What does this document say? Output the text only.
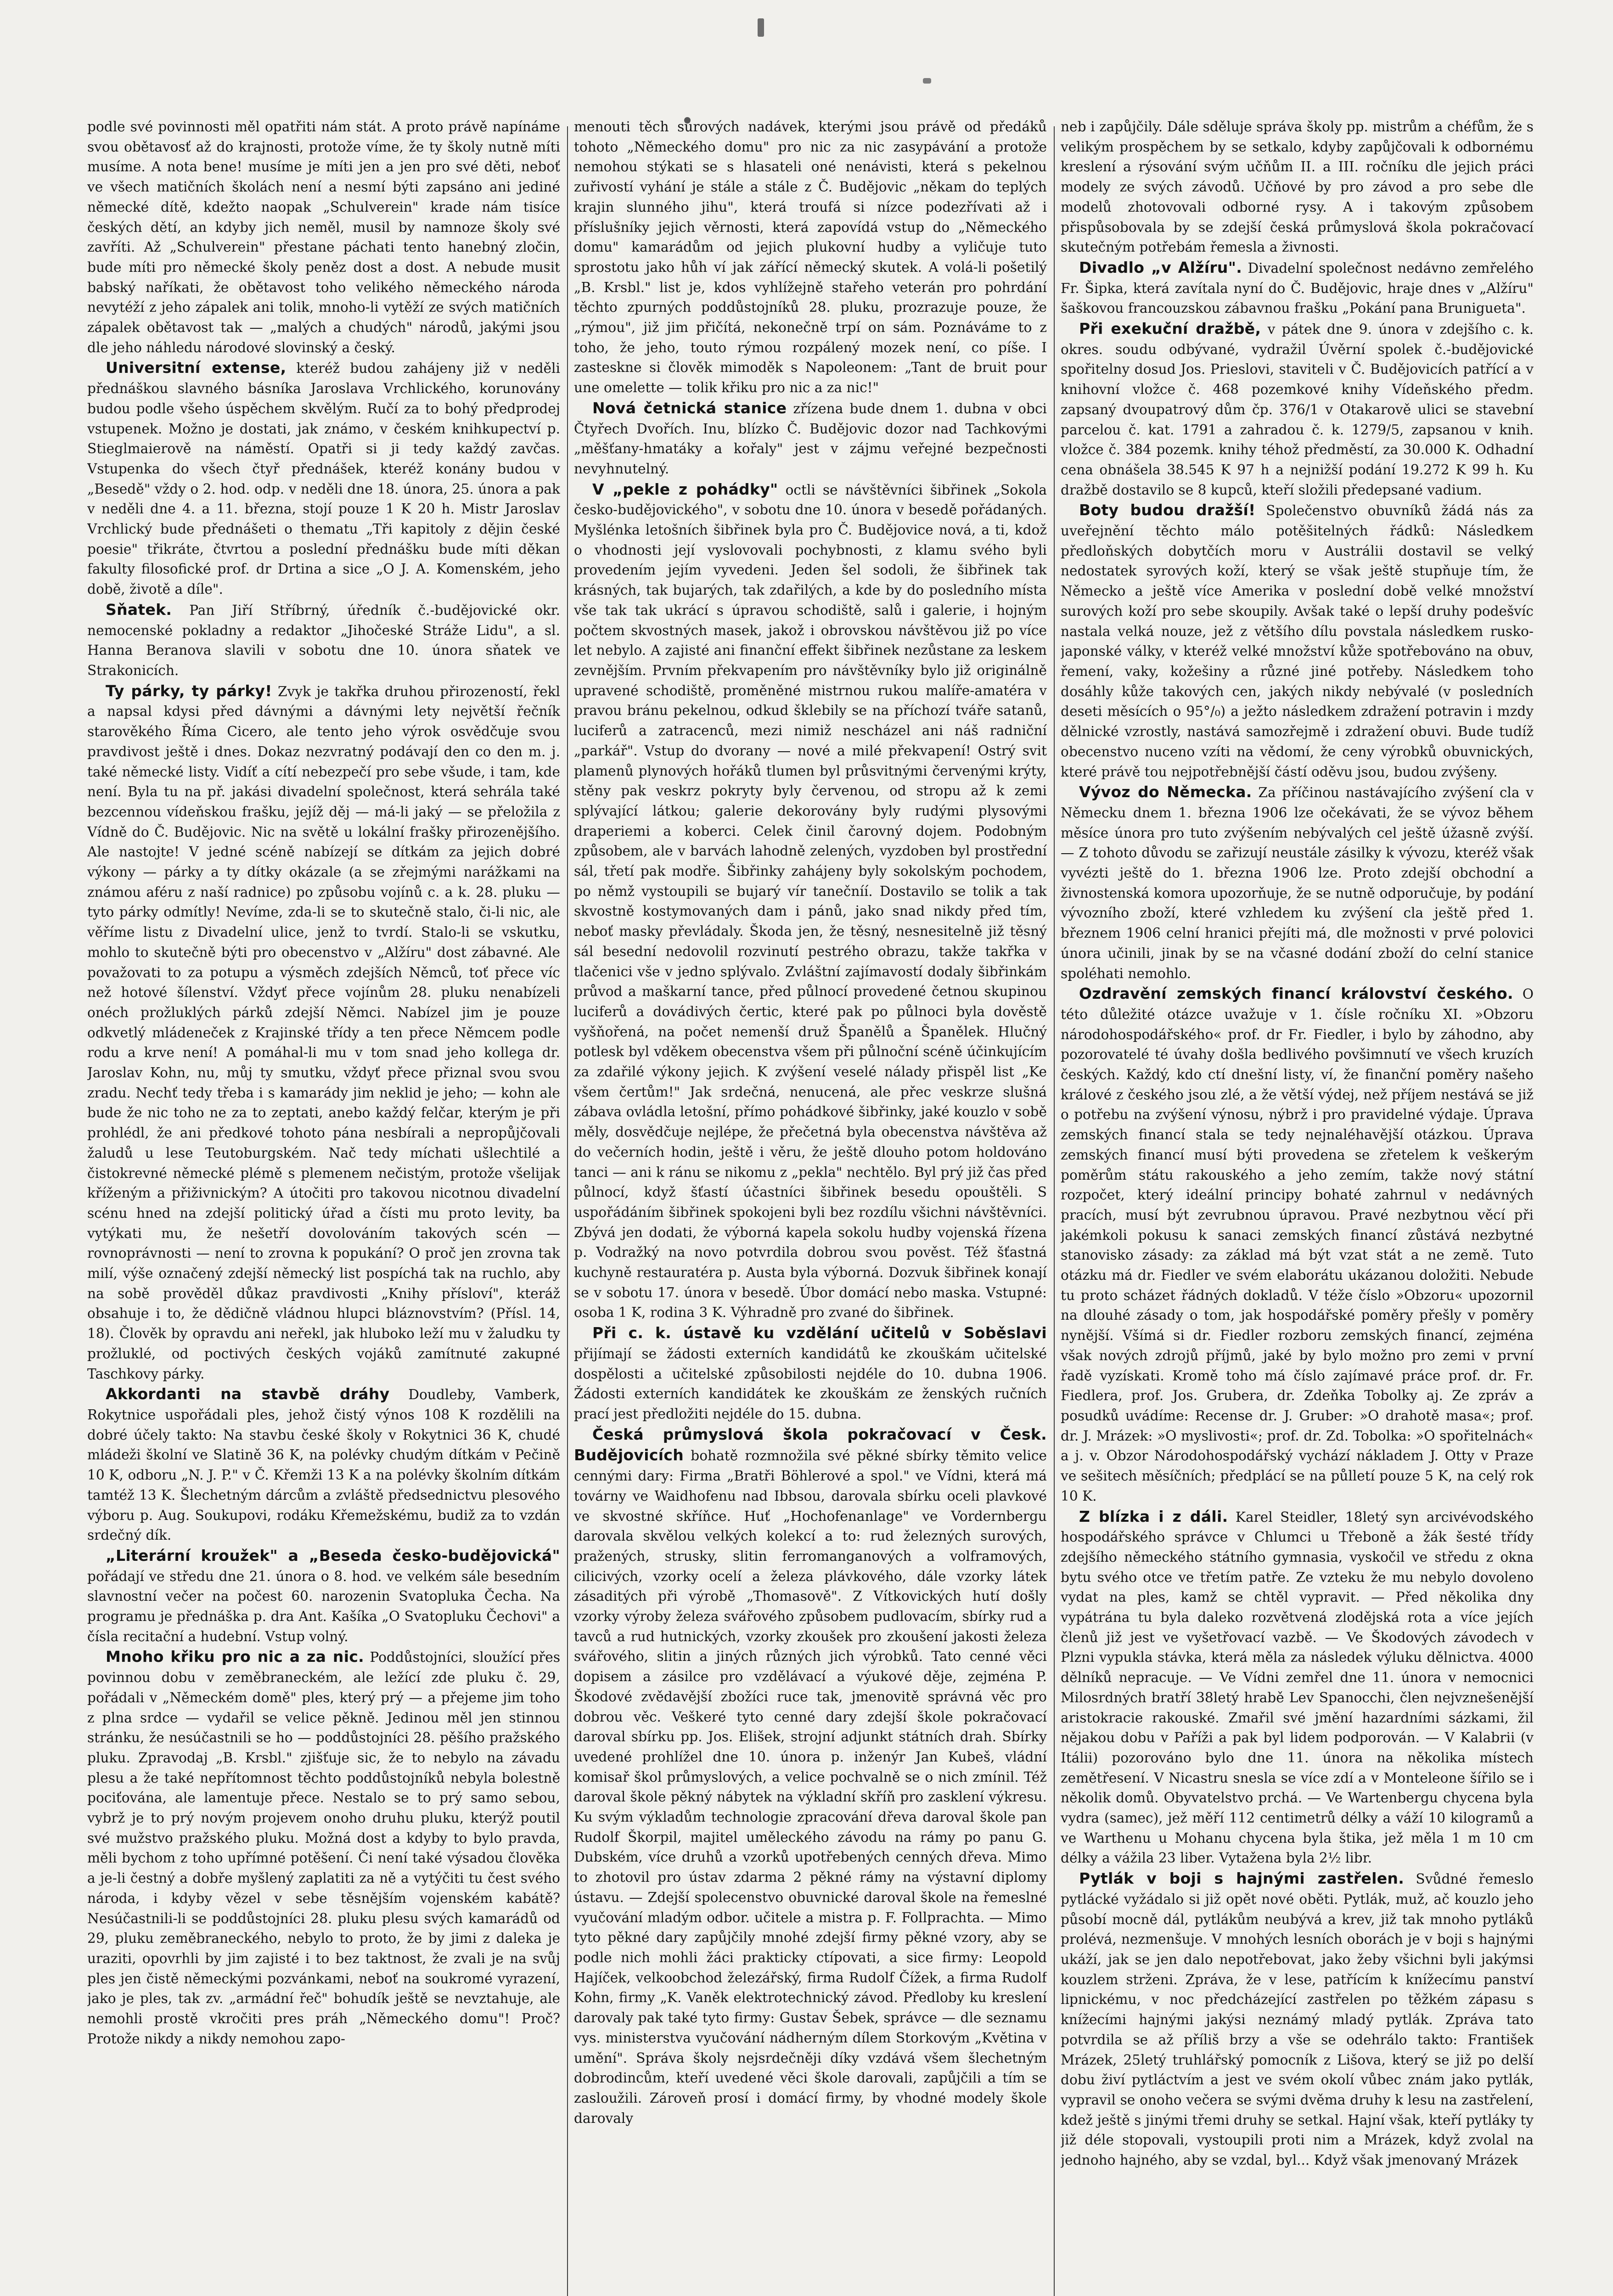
podle své povinnosti měl opatřiti nám stát. A proto právě napínáme svou obětavosť až do krajnosti, protože víme, že ty školy nutně míti musíme. A nota bene! musíme je míti jen a jen pro své děti, neboť ve všech matičních školách není a nesmí býti zapsáno ani jediné německé dítě, kdežto naopak „Schulverein" krade nám tisíce českých dětí, an kdyby jich neměl, musil by namnoze školy své zavříti. Až „Schulverein" přestane páchati tento hanebný zločin, bude míti pro německé školy peněz dost a dost. A nebude musit babský naříkati, že obětavost toho velikého německého národa nevytéží z jeho zápalek ani tolik, mnoho-li vytěží ze svých matičních zápalek obětavost tak — „malých a chudých" národů, jakými jsou dle jeho náhledu národové slovinský a český.

Universitní extense, kteréž budou zahájeny již v neděli přednáškou slavného básníka Jaroslava Vrchlického, korunovány budou podle všeho úspěchem skvělým. Ručí za to bohý předprodej vstupenek. Možno je dostati, jak známo, v českém knihkupectví p. Stieglmaierově na náměstí. Opatři si ji tedy každý zavčas. Vstupenka do všech čtyř přednášek, kteréž konány budou v „Besedě" vždy o 2. hod. odp. v neděli dne 18. února, 25. února a pak v neděli dne 4. a 11. března, stojí pouze 1 K 20 h. Mistr Jaroslav Vrchlický bude přednášeti o thematu „Tři kapitoly z dějin české poesie" třikráte, čtvrtou a poslední přednášku bude míti děkan fakulty filosofické prof. dr Drtina a sice „O J. A. Komenském, jeho době, životě a díle".

Sňatek. Pan Jiří Stříbrný, úředník č.-budějovické okr. nemocenské pokladny a redaktor „Jihočeské Stráže Lidu", a sl. Hanna Beranova slavili v sobotu dne 10. února sňatek ve Strakonicích.

Ty párky, ty párky! Zvyk je takřka druhou přirozeností, řekl a napsal kdysi před dávnými a dávnými lety největší řečník starověkého Říma Cicero, ale tento jeho výrok osvědčuje svou pravdivost ještě i dnes. Dokaz nezvratný podávají den co den m. j. také německé listy. Vidíť a cítí nebezpečí pro sebe všude, i tam, kde není. Byla tu na př. jakási divadelní společnost, která sehrála také bezcennou vídeňskou frašku, jejíž děj — má-li jaký — se přeložila z Vídně do Č. Budějovic. Nic na světě u lokální frašky přirozenějšího. Ale nastojte! V jedné scéně nabízejí se dítkám za jejich dobré výkony — párky a ty dítky okázale (a se zřejmými narážkami na známou aféru z naší radnice) po způsobu vojínů c. a k. 28. pluku — tyto párky odmítly! Nevíme, zda-li se to skutečně stalo, či-li nic, ale věříme listu z Divadelní ulice, jenž to tvrdí. Stalo-li se vskutku, mohlo to skutečně býti pro obecenstvo v „Alžíru" dost zábavné. Ale považovati to za potupu a výsměch zdejších Němců, toť přece víc než hotové šílenství. Vždyť přece vojínům 28. pluku nenabízeli onéch prožluklých párků zdejší Němci. Nabízel jim je pouze odkvetlý mládeneček z Krajinské třídy a ten přece Němcem podle rodu a krve není! A pomáhal-li mu v tom snad jeho kollega dr. Jaroslav Kohn, nu, můj ty smutku, vždyť přece přiznal svou svou zradu. Nechť tedy třeba i s kamarády jim neklid je jeho; — kohn ale bude že nic toho ne za to zeptati, anebo každý felčar, kterým je při prohlédl, že ani předkové tohoto pána nesbírali a nepropůjčovali žaludů u lese Teutoburgském. Nač tedy míchati ušlechtilé a čistokrevné německé plémě s plemenem nečistým, protože všelijak kříženým a přiživnickým? A útočiti pro takovou nicotnou divadelní scénu hned na zdejší politický úřad a čísti mu proto levity, ba vytýkati mu, že nešetří dovolováním takových scén — rovnoprávnosti — není to zrovna k popukání? O proč jen zrovna tak milí, výše označený zdejší německý list pospíchá tak na ruchlo, aby na sobě prověděl důkaz pravdivosti „Knihy přísloví", kteráž obsahuje i to, že dědičně vládnou hlupci bláznovstvím? (Přísl. 14, 18). Člověk by opravdu ani neřekl, jak hluboko leží mu v žaludku ty prožluklé, od poctivých českých vojáků zamítnuté zakupné Taschkovy párky.

Akkordanti na stavbě dráhy Doudleby, Vamberk, Rokytnice uspořádali ples, jehož čistý výnos 108 K rozdělili na dobré účely takto: Na stavbu české školy v Rokytnici 36 K, chudé mládeži školní ve Slatině 36 K, na polévky chudým dítkám v Pečině 10 K, odboru „N. J. P." v Č. Křemži 13 K a na polévky školním dítkám tamtéž 13 K. Šlechetným dárcům a zvláště předsednictvu plesového výboru p. Aug. Soukupovi, rodáku Křemežskému, budiž za to vzdán srdečný dík.

„Literární kroužek" a „Beseda česko-budějovická" pořádají ve středu dne 21. února o 8. hod. ve velkém sále besedním slavnostní večer na počest 60. narozenin Svatopluka Čecha. Na programu je přednáška p. dra Ant. Kašíka „O Svatopluku Čechovi" a čísla recitační a hudební. Vstup volný.

Mnoho křiku pro nic a za nic. Poddůstojníci, sloužící přes povinnou dobu v zeměbraneckém, ale ležící zde pluku č. 29, pořádali v „Německém domě" ples, který prý — a přejeme jim toho z plna srdce — vydařil se velice pěkně. Jedinou měl jen stinnou stránku, že nesúčastnili se ho — poddůstojníci 28. pěšího pražského pluku. Zpravodaj „B. Krsbl." zjišťuje sic, že to nebylo na závadu plesu a že také nepřítomnost těchto poddůstojníků nebyla bolestně pociťována, ale lamentuje přece. Nestalo se to prý samo sebou, vybrž je to prý novým projevem onoho druhu pluku, kterýž poutil své mužstvo pražského pluku. Možná dost a kdyby to bylo pravda, měli bychom z toho upřímné potěšení. Či není také výsadou člověka a je-li čestný a dobře myšlený zaplatiti za ně a vytýčiti tu čest svého národa, i kdyby vězel v sebe těsnějším vojenském kabátě? Nesúčastnili-li se poddůstojníci 28. pluku plesu svých kamarádů od 29, pluku zeměbraneckého, nebylo to proto, že by jimi z daleka je uraziti, opovrhli by jim zajisté i to bez taktnost, že zvali je na svůj ples jen čistě německými pozvánkami, neboť na soukromé vyrazení, jako je ples, tak zv. „armádní řeč" bohudík ještě se nevztahuje, ale nemohli prostě vkročiti pres práh „Německého domu"! Proč? Protože nikdy a nikdy nemohou zapo-

menouti těch surových nadávek, kterými jsou právě od předáků tohoto „Německého domu" pro nic za nic zasypávání a protože nemohou stýkati se s hlasateli oné nenávisti, která s pekelnou zuřivostí vyhání je stále a stále z Č. Budějovic „někam do teplých krajin slunného jihu", která troufá si nízce podezřívati až i příslušníky jejich věrnosti, která zapovídá vstup do „Německého domu" kamarádům od jejich plukovní hudby a vyličuje tuto sprostotu jako hůh ví jak zářící německý skutek. A volá-li pošetilý „B. Krsbl." list je, kdos vyhlížejně stařeho veterán pro pohrdání těchto zpurných poddůstojníků 28. pluku, prozrazuje pouze, že „rýmou", již jim přičítá, nekonečně trpí on sám. Poznáváme to z toho, že jeho, touto rýmou rozpálený mozek není, co píše. I zasteskne si člověk mimoděk s Napoleonem: „Tant de bruit pour une omelette — tolik křiku pro nic a za nic!"

Nová četnická stanice zřízena bude dnem 1. dubna v obci Čtyřech Dvořích. Inu, blízko Č. Budějovic dozor nad Tachkovými „měšťany-hmatáky a kořaly" jest v zájmu veřejné bezpečnosti nevyhnutelný.

V „pekle z pohádky" octli se návštěvníci šibřinek „Sokola česko-budějovického", v sobotu dne 10. února v besedě pořádaných. Myšlénka letošních šibřinek byla pro Č. Budějovice nová, a ti, kdož o vhodnosti její vyslovovali pochybnosti, z klamu svého byli provedením jejím vyvedeni. Jeden šel sodoli, že šibřinek tak krásných, tak bujarých, tak zdařilých, a kde by do posledního místa vše tak tak ukrácí s úpravou schodiště, salů i galerie, i hojným počtem skvostných masek, jakož i obrovskou návštěvou již po více let nebylo. A zajisté ani finanční effekt šibřinek nezůstane za leskem zevnějším. Prvním překvapením pro návštěvníky bylo již originálně upravené schodiště, proměněné mistrnou rukou malíře-amatéra v pravou bránu pekelnou, odkud šklebily se na příchozí tváře satanů, luciferů a zatracenců, mezi nimiž nescházel ani náš radniční „parkář". Vstup do dvorany — nové a milé překvapení! Ostrý svit plamenů plynových hořáků tlumen byl průsvitnými červenými krýty, stěny pak veskrz pokryty byly červenou, od stropu až k zemi splývající látkou; galerie dekorovány byly rudými plysovými draperiemi a koberci. Celek činil čarovný dojem. Podobným způsobem, ale v barvách lahodně zelených, vyzdoben byl prostřední sál, třetí pak modře. Šibřinky zahájeny byly sokolským pochodem, po němž vystoupili se bujarý vír tanečníí. Dostavilo se tolik a tak skvostně kostymovaných dam i pánů, jako snad nikdy před tím, neboť masky převládaly. Škoda jen, že těsný, nesnesitelně již těsný sál besední nedovolil rozvinutí pestrého obrazu, takže takřka v tlačenici vše v jedno splývalo. Zvláštní zajímavostí dodaly šibřinkám průvod a maškarní tance, před půlnocí provedené četnou skupinou luciferů a dovádivých čertic, které pak po půlnoci byla dověstě vyšňořená, na počet nemenší druž Španělů a Španělek. Hlučný potlesk byl vděkem obecenstva všem při půlnoční scéně účinkujícím za zdařilé výkony jejich. K zvýšení veselé nálady přispěl list „Ke všem čertům!" Jak srdečná, nenucená, ale přec veskrze slušná zábava ovládla letošní, přímo pohádkové šibřinky, jaké kouzlo v sobě měly, dosvědčuje nejlépe, že přečetná byla obecenstva návštěva až do večerních hodin, ještě i věru, že ještě dlouho potom holdováno tanci — ani k ránu se nikomu z „pekla" nechtělo. Byl prý již čas před půlnocí, když šťastí účastníci šibřinek besedu opouštěli. S uspořádáním šibřinek spokojeni byli bez rozdílu všichni návštěvníci. Zbývá jen dodati, že výborná kapela sokolu hudby vojenská řízena p. Vodražký na novo potvrdila dobrou svou pověst. Též šťastná kuchyně restauratéra p. Austa byla výborná. Dozvuk šibřinek konají se v sobotu 17. února v besedě. Úbor domácí nebo maska. Vstupné: osoba 1 K, rodina 3 K. Výhradně pro zvané do šibřinek.

Při c. k. ústavě ku vzdělání učitelů v Soběslavi přijímají se žádosti externích kandidátů ke zkouškám učitelské dospělosti a učitelské způsobilosti nejdéle do 10. dubna 1906. Žádosti externích kandidátek ke zkouškám ze ženských ručních prací jest předložiti nejdéle do 15. dubna.

Česká průmyslová škola pokračovací v Česk. Budějovicích bohatě rozmnožila své pěkné sbírky těmito velice cennými dary: Firma „Bratři Böhlerové a spol." ve Vídni, která má továrny ve Waidhofenu nad Ibbsou, darovala sbírku oceli plavkové ve skvostné skříňce. Huť „Hochofenanlage" ve Vordernbergu darovala skvělou velkých kolekcí a to: rud železných surových, pražených, strusky, slitin ferromanganových a volframových, cilicivých, vzorky ocelí a železa plávkového, dále vzorky látek zásaditých při výrobě „Thomasově". Z Vítkovických hutí došly vzorky výroby železa svářového způsobem pudlovacím, sbírky rud a tavců a rud hutnických, vzorky zkoušek pro zkoušení jakosti železa svářového, slitin a jiných různých jich výrobků. Tato cenné věci dopisem a zásilce pro vzdělávací a výukové děje, zejména P. Škodové zvědavější zbožíci ruce tak, jmenovitě správná věc pro dobrou věc. Veškeré tyto cenné dary zdejší škole pokračovací daroval sbírku pp. Jos. Elišek, strojní adjunkt státních drah. Sbírky uvedené prohlížel dne 10. února p. inženýr Jan Kubeš, vládní komisař škol průmyslových, a velice pochvalně se o nich zmínil. Též daroval škole pěkný nábytek na výkladní skříň pro zasklení výkresu. Ku svým výkladům technologie zpracování dřeva daroval škole pan Rudolf Škorpil, majitel uměleckého závodu na rámy po panu G. Dubském, více druhů a vzorků upotřebených cenných dřeva. Mimo to zhotovil pro ústav zdarma 2 pěkné rámy na výstavní diplomy ústavu. — Zdejší spolecenstvo obuvnické daroval škole na řemeslné vyučování mladým odbor. učitele a mistra p. F. Follprachta. — Mimo tyto pěkné dary zapůjčily mnohé zdejší firmy pěkné vzory, aby se podle nich mohli žáci prakticky ctípovati, a sice firmy: Leopold Hajíček, velkoobchod železářský, firma Rudolf Čížek, a firma Rudolf Kohn, firmy „K. Vaněk elektrotechnický závod. Předloby ku kreslení darovaly pak také tyto firmy: Gustav Šebek, správce — dle seznamu vys. ministerstva vyučování nádherným dílem Storkovým „Květina v umění". Správa školy nejsrdečněji díky vzdává všem šlechetným dobrodincům, kteří uvedené věci škole darovali, zapůjčili a tím se zasloužili. Zároveň prosí i domácí firmy, by vhodné modely škole darovaly

neb i zapůjčily. Dále sděluje správa školy pp. mistrům a chéfům, že s velikým prospěchem by se setkalo, kdyby zapůjčovali k odbornému kreslení a rýsování svým učňům II. a III. ročníku dle jejich práci modely ze svých závodů. Učňové by pro závod a pro sebe dle modelů zhotovovali odborné rysy. A i takovým způsobem přispůsobovala by se zdejší česká průmyslová škola pokračovací skutečným potřebám řemesla a živnosti.

Divadlo „v Alžíru". Divadelní společnost nedávno zemřelého Fr. Šipka, která zavítala nyní do Č. Budějovic, hraje dnes v „Alžíru" šaškovou francouzskou zábavnou frašku „Pokání pana Brunigueta".

Při exekuční dražbě, v pátek dne 9. února v zdejšího c. k. okres. soudu odbývané, vydražil Úvěrní spolek č.-budějovické spořitelny dosud Jos. Prieslovi, staviteli v Č. Budějovicích patřící a v knihovní vložce č. 468 pozemkové knihy Vídeňského předm. zapsaný dvoupatrový dům čp. 376/1 v Otakarově ulici se stavební parcelou č. kat. 1791 a zahradou č. k. 1279/5, zapsanou v knih. vložce č. 384 pozemk. knihy téhož předměstí, za 30.000 K. Odhadní cena obnášela 38.545 K 97 h a nejnižší podání 19.272 K 99 h. Ku dražbě dostavilo se 8 kupců, kteří složili předepsané vadium.

Boty budou dražší! Společenstvo obuvníků žádá nás za uveřejnění těchto málo potěšitelných řádků: Následkem předloňských dobytčích moru v Austrálii dostavil se velký nedostatek syrových koží, který se však ještě stupňuje tím, že Německo a ještě více Amerika v poslední době velké množství surových koží pro sebe skoupily. Avšak také o lepší druhy podešvíc nastala velká nouze, jež z většího dílu povstala následkem rusko-japonské války, v kteréž velké množství kůže spotřebováno na obuv, řemení, vaky, kožešiny a různé jiné potřeby. Následkem toho dosáhly kůže takových cen, jakých nikdy nebývalé (v posledních deseti měsících o 95°/₀) a ježto následkem zdražení potravin i mzdy dělnické vzrostly, nastává samozřejmě i zdražení obuvi. Bude tudíž obecenstvo nuceno vzíti na vědomí, že ceny výrobků obuvnických, které právě tou nejpotřebnější částí oděvu jsou, budou zvýšeny.

Vývoz do Německa. Za příčinou nastávajícího zvýšení cla v Německu dnem 1. března 1906 lze očekávati, že se vývoz během měsíce února pro tuto zvýšením nebývalých cel ještě úžasně zvýší. — Z tohoto důvodu se zařizují neustále zásilky k vývozu, kteréž však vyvézti ještě do 1. března 1906 lze. Proto zdejší obchodní a živnostenská komora upozorňuje, že se nutně odporučuje, by podání vývozního zboží, které vzhledem ku zvýšení cla ještě před 1. březnem 1906 celní hranici přejíti má, dle možnosti v prvé polovici února učinili, jinak by se na včasné dodání zboží do celní stanice spoléhati nemohlo.

Ozdravění zemských financí království českého. O této důležité otázce uvažuje v 1. čísle ročníku XI. »Obzoru národohospodářského« prof. dr Fr. Fiedler, i bylo by záhodno, aby pozorovatelé té úvahy došla bedlivého povšimnutí ve všech kruzích českých. Každý, kdo ctí dnešní listy, ví, že finanční poměry našeho králové z českého jsou zlé, a že větší výdej, než příjem nestává se již o potřebu na zvýšení výnosu, nýbrž i pro pravidelné výdaje. Úprava zemských financí stala se tedy nejnaléhavější otázkou. Úprava zemských financí musí býti provedena se zřetelem k veškerým poměrům státu rakouského a jeho zemím, takže nový státní rozpočet, který ideální principy bohaté zahrnul v nedávných pracích, musí být zevrubnou úpravou. Pravé nezbytnou věcí při jakémkoli pokusu k sanaci zemských financí zůstává nezbytné stanovisko zásady: za základ má být vzat stát a ne země. Tuto otázku má dr. Fiedler ve svém elaborátu ukázanou doložiti. Nebude tu proto scházet řádných dokladů. V téže číslo »Obzoru« upozornil na dlouhé zásady o tom, jak hospodářské poměry přešly v poměry nynější. Všímá si dr. Fiedler rozboru zemských financí, zejména však nových zdrojů příjmů, jaké by bylo možno pro zemi v první řadě vyzískati. Kromě toho má číslo zajímavé práce prof. dr. Fr. Fiedlera, prof. Jos. Grubera, dr. Zdeňka Tobolky aj. Ze zpráv a posudků uvádíme: Recense dr. J. Gruber: »O drahotě masa«; prof. dr. J. Mrázek: »O myslivosti«; prof. dr. Zd. Tobolka: »O spořitelnách« a j. v. Obzor Národohospodářský vychází nákladem J. Otty v Praze ve sešitech měsíčních; předplácí se na půlletí pouze 5 K, na celý rok 10 K.

Z blízka i z dáli. Karel Steidler, 18letý syn arcivévodského hospodářského správce v Chlumci u Třeboně a žák šesté třídy zdejšího německého státního gymnasia, vyskočil ve středu z okna bytu svého otce ve třetím patře. Ze vzteku že mu nebylo dovoleno vydat na ples, kamž se chtěl vypravit. — Před několika dny vypátrána tu byla daleko rozvětvená zlodějská rota a více jejích členů již jest ve vyšetřovací vazbě. — Ve Škodových závodech v Plzni vypukla stávka, která měla za následek výluku dělnictva. 4000 dělníků nepracuje. — Ve Vídni zemřel dne 11. února v nemocnici Milosrdných bratří 38letý hrabě Lev Spanocchi, člen nejvznešenější aristokracie rakouské. Zmařil své jmění hazardními sázkami, žil nějakou dobu v Paříži a pak byl lidem podporován. — V Kalabrii (v Itálii) pozorováno bylo dne 11. února na několika místech zemětřesení. V Nicastru snesla se více zdí a v Monteleone šířilo se i několik domů. Obyvatelstvo prchá. — Ve Wartenbergu chycena byla vydra (samec), jež měří 112 centimetrů délky a váží 10 kilogramů a ve Warthenu u Mohanu chycena byla štika, jež měla 1 m 10 cm délky a vážila 23 liber. Vytažena byla 2½ libr.

Pytlák v boji s hajnými zastřelen. Svůdné řemeslo pytlácké vyžádalo si již opět nové oběti. Pytlák, muž, ač kouzlo jeho působí mocně dál, pytlákům neubývá a krev, již tak mnoho pytláků prolévá, nezmenšuje. V mnohých lesních oborách je v boji s hajnými ukáží, jak se jen dalo nepotřebovat, jako žeby všichni byli jakýmsi kouzlem strženi. Zpráva, že v lese, patřícím k knížecímu panství lipnickému, v noc předcházející zastřelen po těžkém zápasu s knížecími hajnými jakýsi neznámý mladý pytlák. Zpráva tato potvrdila se až příliš brzy a vše se odehrálo takto: František Mrázek, 25letý truhlářský pomocník z Lišova, který se již po delší dobu živí pytláctvím a jest ve svém okolí vůbec znám jako pytlák, vypravil se onoho večera se svými dvěma druhy k lesu na zastřelení, kdež ještě s jinými třemi druhy se setkal. Hajní však, kteří pytláky ty již déle stopovali, vystoupili proti nim a Mrázek, když zvolal na jednoho hajného, aby se vzdal, byl... Když však jmenovaný Mrázek
